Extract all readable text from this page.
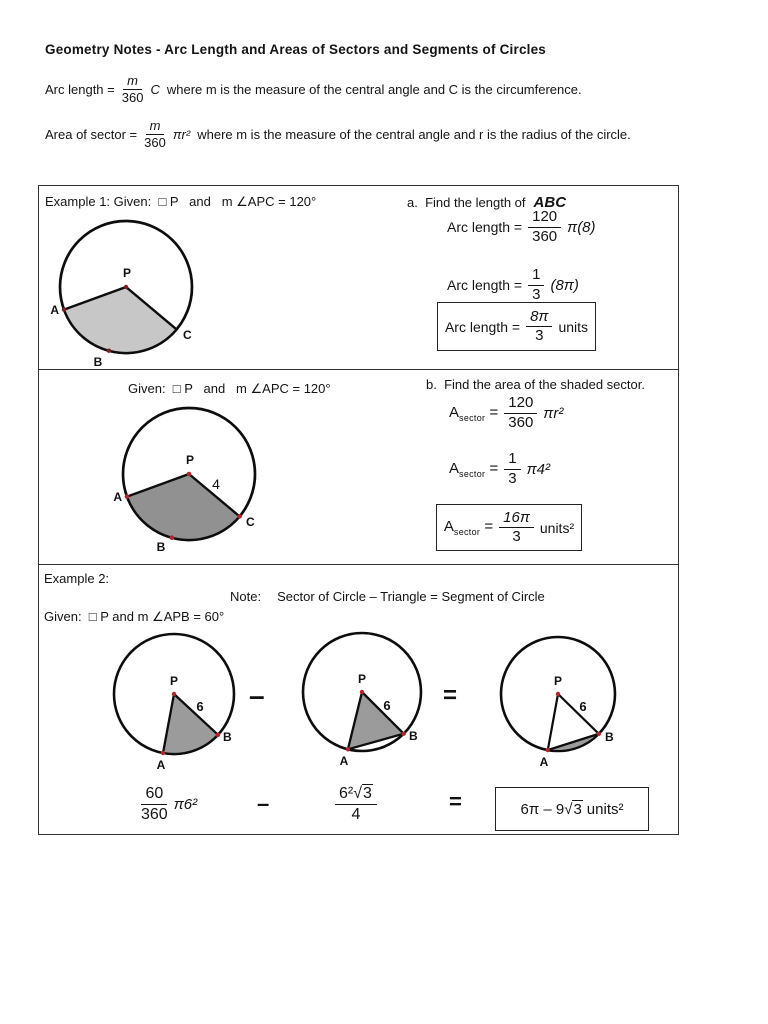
Geometry Notes - Arc Length and Areas of Sectors and Segments of Circles
Arc length = $\frac{m}{360}$ C where m is the measure of the central angle and C is the circumference.
Area of sector = $\frac{m}{360} \pi r^2$ where m is the measure of the central angle and r is the radius of the circle.
Example 1: Given:  □ P   and   m ∠APC = 120°
P
A
B
C
a.  Find the length of ABC
Arc length = $\frac{120}{360} \pi(8)$
Arc length = $\frac{1}{3} (8\pi)$
Arc length = $\frac{8\pi}{3}$ units
Given:  □ P   and   m ∠APC = 120°
P
A
B
C
4
b.  Find the area of the shaded sector.
$A_{sector} = \frac{120}{360} \pi r^2$
$A_{sector} = \frac{1}{3} \pi 4^2$
$A_{sector} = \frac{16\pi}{3}$ units²
Example 2:
Note: Sector of Circle – Triangle = Segment of Circle
Given:  □ P and m ∠APB = 60°
P
A
B
6 –
P
A
B
6 =
P
A
B
6
$\frac{60}{360} \pi 6^2$	–	$\frac{\text{6²√3}}{4}$	=	6π – 9√3 units²
